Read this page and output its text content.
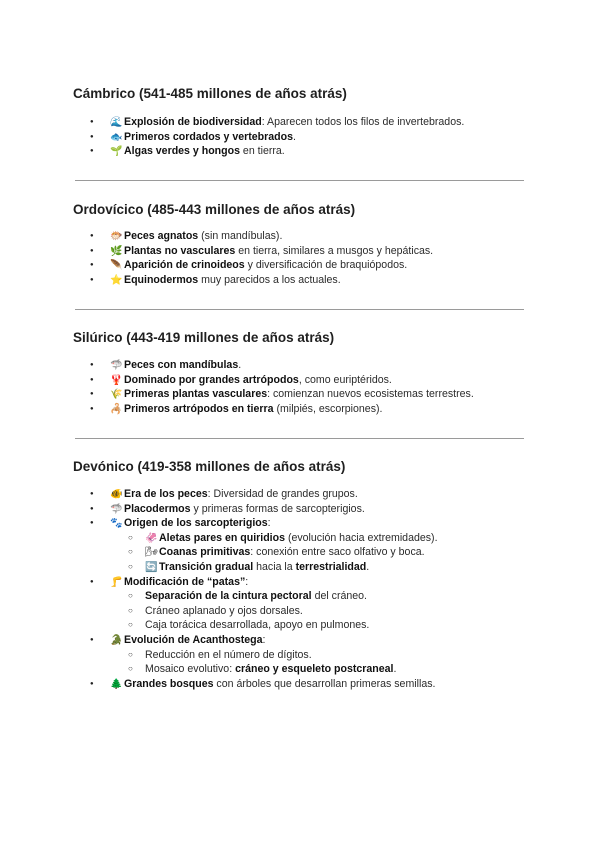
Cámbrico (541-485 millones de años atrás)
● 🌊 Explosión de biodiversidad: Aparecen todos los filos de invertebrados.
● 🐟 Primeros cordados y vertebrados.
● 🌱 Algas verdes y hongos en tierra.
Ordovícico (485-443 millones de años atrás)
● 🐡 Peces agnatos (sin mandíbulas).
● 🌿 Plantas no vasculares en tierra, similares a musgos y hepáticas.
● 🪶 Aparición de crinoideos y diversificación de braquiópodos.
● ⭐ Equinodermos muy parecidos a los actuales.
Silúrico (443-419 millones de años atrás)
● 🦈 Peces con mandíbulas.
● 🦞 Dominado por grandes artrópodos, como euriptéridos.
● 🌾 Primeras plantas vasculares: comienzan nuevos ecosistemas terrestres.
● 🦂 Primeros artrópodos en tierra (milpiés, escorpiones).
Devónico (419-358 millones de años atrás)
● 🐠 Era de los peces: Diversidad de grandes grupos.
● 🦈 Placodermos y primeras formas de sarcopterigios.
● 🐾 Origen de los sarcopterigios:
○ 🦑 Aletas pares en quiridios (evolución hacia extremidades).
○ 🌬Coanas primitivas: conexión entre saco olfativo y boca.
○ 🔄 Transición gradual hacia la terrestrialidad.
● 🦵 Modificación de “patas”:
○ Separación de la cintura pectoral del cráneo.
○ Cráneo aplanado y ojos dorsales.
○ Caja torácica desarrollada, apoyo en pulmones.
● 🐊 Evolución de Acanthostega:
○ Reducción en el número de dígitos.
○ Mosaico evolutivo: cráneo y esqueleto postcraneal.
● 🌲 Grandes bosques con árboles que desarrollan primeras semillas.
